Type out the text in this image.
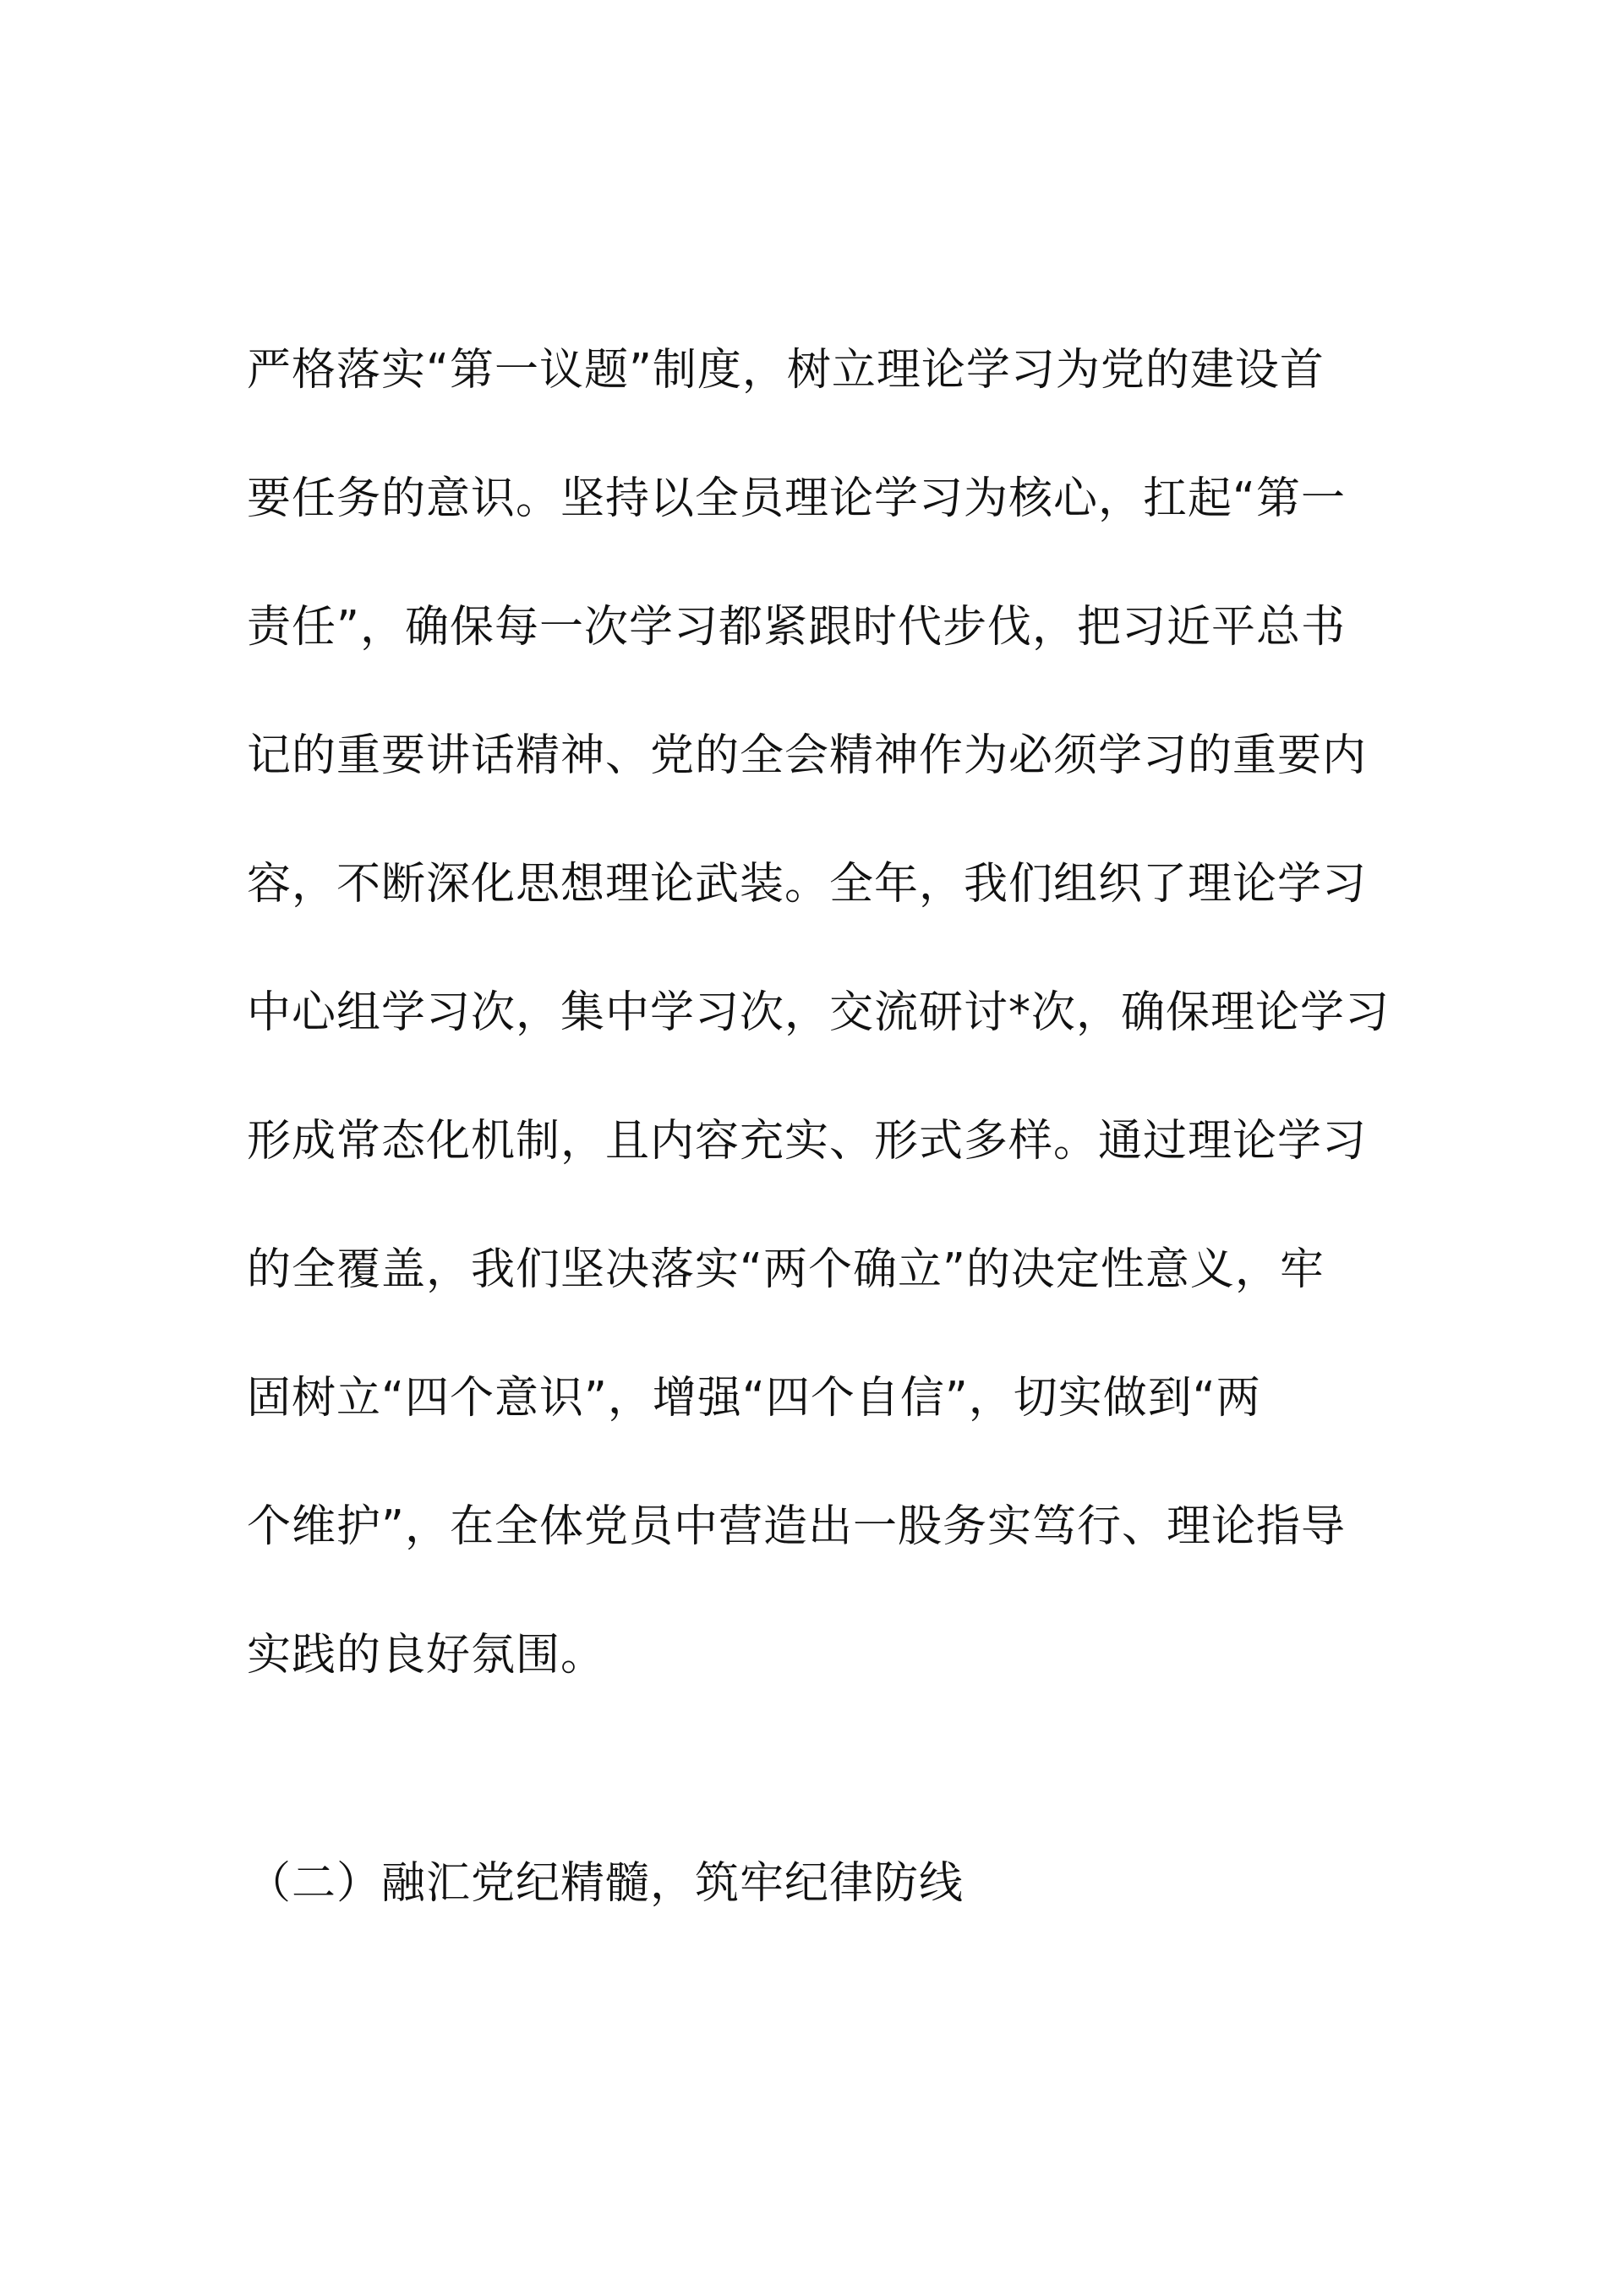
严格落实“第一议题”制度，树立理论学习为党的建设首
要任务的意识。坚持以全员理论学习为核心，扛起“第一
责任”，确保每一次学习都紧跟时代步伐，把习近平总书
记的重要讲话精神、党的全会精神作为必须学习的重要内
容，不断深化思想理论武装。全年，我们组织了理论学习
中心组学习次，集中学习次，交流研讨*次，确保理论学习
形成常态化机制，且内容充实、形式多样。通过理论学习
的全覆盖，我们坚决落实“两个确立”的决定性意义，牢
固树立“四个意识”，增强“四个自信”，切实做到“两
个维护”，在全体党员中营造出一股务实笃行、理论指导
实践的良好氛围。
（二）融汇党纪精髓，筑牢纪律防线
